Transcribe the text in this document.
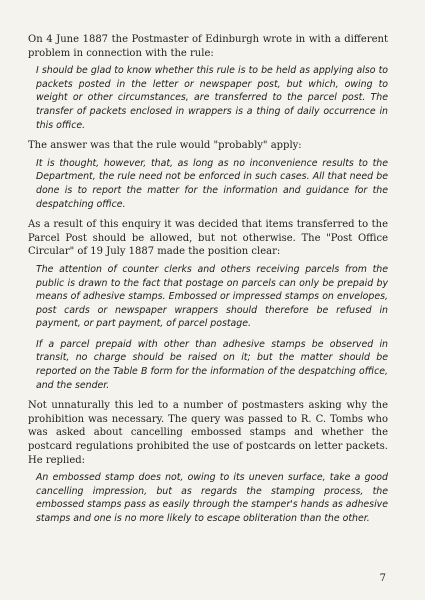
On 4 June 1887 the Postmaster of Edinburgh wrote in with a different problem in connection with the rule:

I should be glad to know whether this rule is to be held as applying also to packets posted in the letter or newspaper post, but which, owing to weight or other circumstances, are transferred to the parcel post. The transfer of packets enclosed in wrappers is a thing of daily occurrence in this office.

The answer was that the rule would "probably" apply:

It is thought, however, that, as long as no inconvenience results to the Department, the rule need not be enforced in such cases. All that need be done is to report the matter for the information and guidance for the despatching office.

As a result of this enquiry it was decided that items transferred to the Parcel Post should be allowed, but not otherwise. The "Post Office Circular" of 19 July 1887 made the position clear:

The attention of counter clerks and others receiving parcels from the public is drawn to the fact that postage on parcels can only be prepaid by means of adhesive stamps. Embossed or impressed stamps on envelopes, post cards or newspaper wrappers should therefore be refused in payment, or part payment, of parcel postage.

If a parcel prepaid with other than adhesive stamps be observed in transit, no charge should be raised on it; but the matter should be reported on the Table B form for the information of the despatching office, and the sender.

Not unnaturally this led to a number of postmasters asking why the prohibition was necessary. The query was passed to R. C. Tombs who was asked about cancelling embossed stamps and whether the postcard regulations prohibited the use of postcards on letter packets. He replied:

An embossed stamp does not, owing to its uneven surface, take a good cancelling impression, but as regards the stamping process, the embossed stamps pass as easily through the stamper's hands as adhesive stamps and one is no more likely to escape obliteration than the other.

7
